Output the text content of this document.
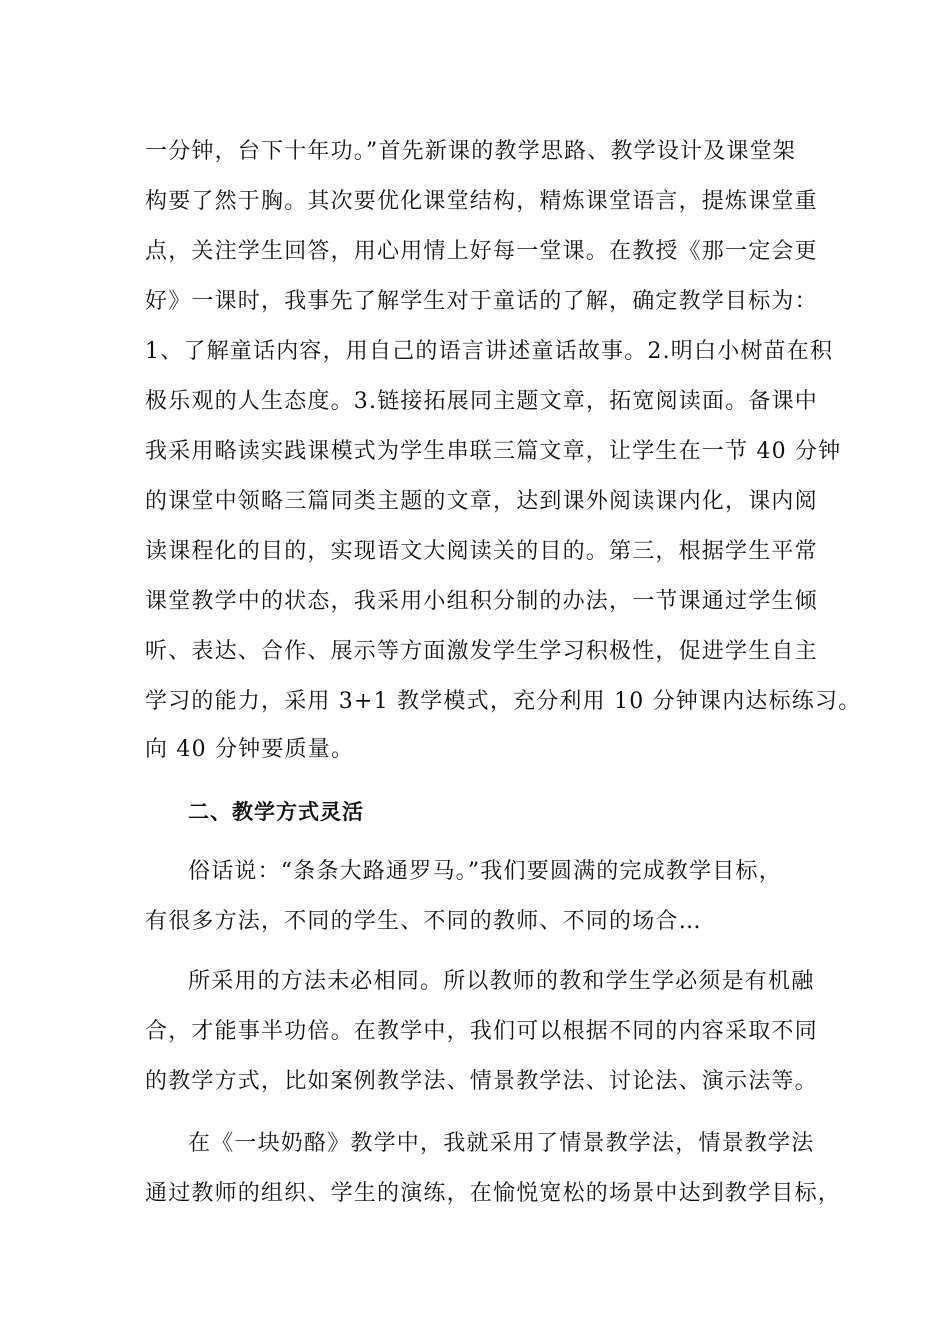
一分钟，台下十年功。”首先新课的教学思路、教学设计及课堂架
构要了然于胸。其次要优化课堂结构，精炼课堂语言，提炼课堂重
点，关注学生回答，用心用情上好每一堂课。在教授《那一定会更
好》一课时，我事先了解学生对于童话的了解，确定教学目标为：
1、了解童话内容，用自己的语言讲述童话故事。2.明白小树苗在积
极乐观的人生态度。3.链接拓展同主题文章，拓宽阅读面。备课中
我采用略读实践课模式为学生串联三篇文章，让学生在一节 40 分钟
的课堂中领略三篇同类主题的文章，达到课外阅读课内化，课内阅
读课程化的目的，实现语文大阅读关的目的。第三，根据学生平常
课堂教学中的状态，我采用小组积分制的办法，一节课通过学生倾
听、表达、合作、展示等方面激发学生学习积极性，促进学生自主
学习的能力，采用 3+1 教学模式，充分利用 10 分钟课内达标练习。
向 40 分钟要质量。
二、教学方式灵活
俗话说：“条条大路通罗马。”我们要圆满的完成教学目标，
有很多方法，不同的学生、不同的教师、不同的场合…
所采用的方法未必相同。所以教师的教和学生学必须是有机融
合，才能事半功倍。在教学中，我们可以根据不同的内容采取不同
的教学方式，比如案例教学法、情景教学法、讨论法、演示法等。
在《一块奶酪》教学中，我就采用了情景教学法，情景教学法
通过教师的组织、学生的演练，在愉悦宽松的场景中达到教学目标，
